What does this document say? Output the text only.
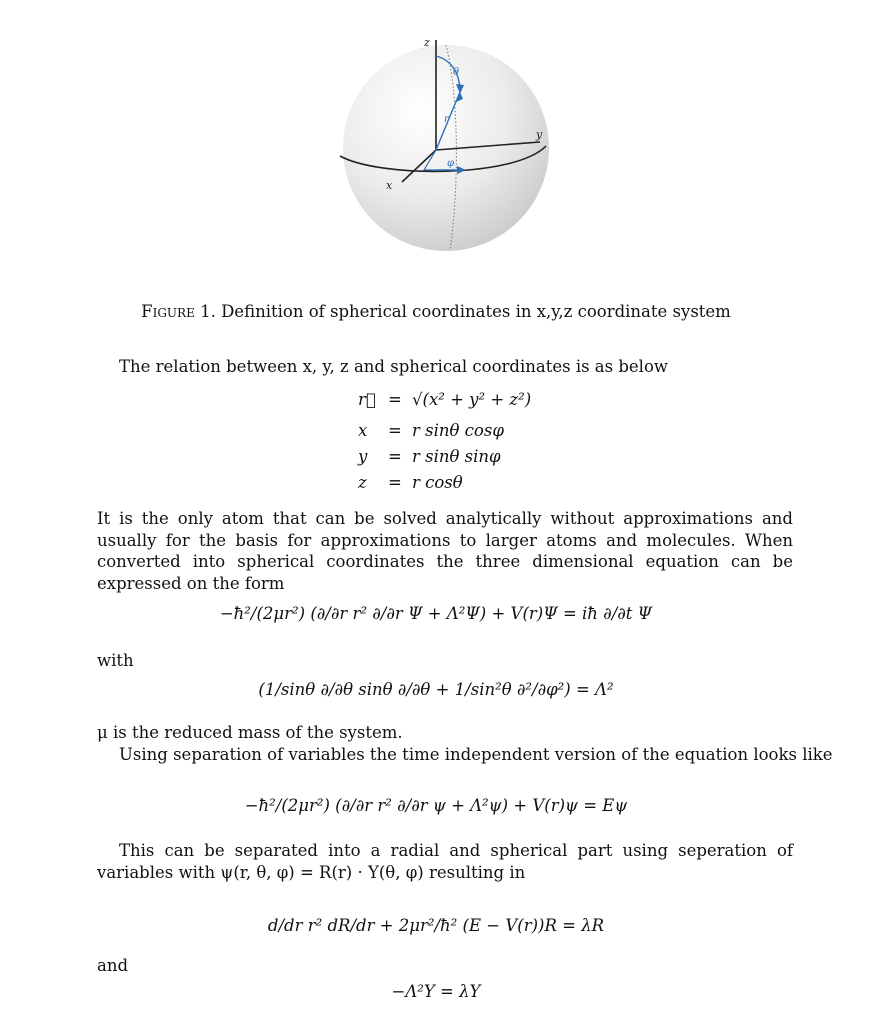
z
y
x
θ
r
φ
Figure 1. Definition of spherical coordinates in x,y,z coordinate system
The relation between x, y, z and spherical coordinates is as below
r⃗ = √(x² + y² + z²)
x = r sinθ cosφ
y = r sinθ sinφ
z = r cosθ
It is the only atom that can be solved analytically without approximations and usually for the basis for approximations to larger atoms and molecules. When converted into spherical coordinates the three dimensional equation can be expressed on the form
−ħ²/(2μr²) (∂/∂r r² ∂/∂r Ψ + Λ²Ψ) + V(r)Ψ = iħ ∂/∂t Ψ
with
(1/sinθ ∂/∂θ sinθ ∂/∂θ + 1/sin²θ ∂²/∂φ²) = Λ²
μ is the reduced mass of the system.
Using separation of variables the time independent version of the equation looks like
−ħ²/(2μr²) (∂/∂r r² ∂/∂r ψ + Λ²ψ) + V(r)ψ = Eψ
This can be separated into a radial and spherical part using seperation of variables with ψ(r, θ, φ) = R(r) · Y(θ, φ) resulting in
d/dr r² dR/dr + 2μr²/ħ² (E − V(r))R = λR
and
−Λ²Y = λY
